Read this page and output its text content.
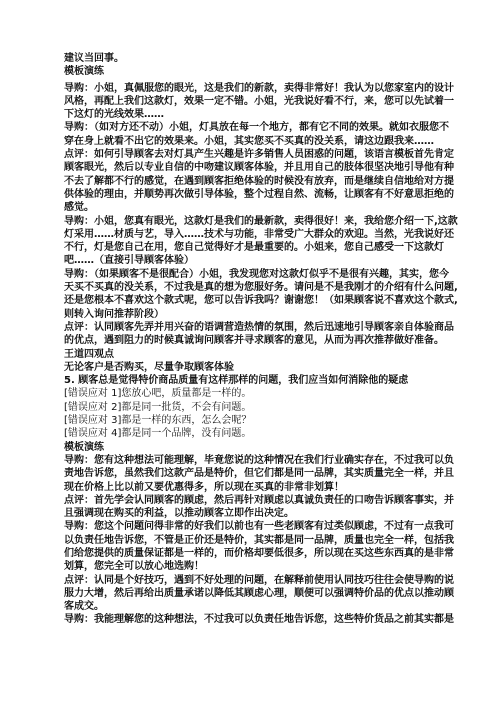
建议当回事。
模板演练
导购：小姐，真佩服您的眼光，这是我们的新款，卖得非常好！我认为以您家室内的设计
风格，再配上我们这款灯，效果一定不错。小姐，光我说好看不行，来，您可以先试着一
下这灯的光线效果……
导购：（如对方还不动）小姐，灯具放在每一个地方，都有它不同的效果。就如衣服您不
穿在身上就看不出它的效果来。小姐，其实您买不买真的没关系，请这边跟我来……
点评：如何引导顾客去对灯具产生兴趣是许多销售人员困惑的问题，该语言模板首先肯定
顾客眼光，然后以专业自信的中吻建议顾客体验，并且用自己的肢体很坚决地引导他有种
不去了解都不行的感觉，在遇到顾客拒绝体验的时候没有放弃，而是继续自信地给对方提
供体验的理由，并顺势再次做引导体验，整个过程自然、流畅，让顾客有不好意思拒绝的
感觉。
导购：小姐，您真有眼光，这款灯是我们的最新款，卖得很好！来，我给您介绍一下,这款
灯采用……材质与艺，导入……技术与功能，非常受广大群众的欢迎。当然，光我说好还
不行，灯是您自己在用，您自己觉得好才是最重要的。小姐来，您自己感受一下这款灯
吧……（直接引导顾客体验）
导购：（如果顾客不是很配合）小姐，我发现您对这款灯似乎不是很有兴趣，其实，您今
天买不买真的没关系，不过我是真的想为您服好务。请问是不是我刚才的介绍有什么问题,
还是您根本不喜欢这个款式呢，您可以告诉我吗？谢谢您！（如果顾客说不喜欢这个款式,
则转入询问推荐阶段）
点评：认同顾客先弄并用兴奋的语调营造热情的氛围，然后迅速地引导顾客亲自体验商品
的优点，遇到阻力的时候真诚询问顾客并寻求顾客的意见，从而为再次推荐做好准备。
王道四观点
无论客户是否购买，尽量争取顾客体验
5. 顾客总是觉得特价商品质量有这样那样的问题，我们应当如何消除他的疑虑
[错误应对 1]您放心吧，质量都是一样的。
[错误应对 2]都是同一批货，不会有问题。
[错误应对 3]都是一样的东西，怎么会呢？
[错误应对 4]都是同一个品牌，没有问题。
模板演练
导购：您有这种想法可能理解，毕竟您说的这种情况在我们行业确实存在，不过我可以负
责地告诉您，虽然我们这款产品是特价，但它们都是同一品牌，其实质量完全一样，并且
现在价格上比以前又要优惠得多，所以现在买真的非常非划算！
点评：首先学会认同顾客的顾虑，然后再针对顾虑以真诚负责任的口吻告诉顾客事实，并
且强调现在购买的利益，以推动顾客立即作出决定。
导购：您这个问题问得非常的好我们以前也有一些老顾客有过类似顾虑，不过有一点我可
以负责任地告诉您，不管是正价还是特价，其实都是同一品牌，质量也完全一样，包括我
们给您提供的质量保证都是一样的，而价格却要低很多，所以现在买这些东西真的是非常
划算，您完全可以放心地选购！
点评：认同是个好技巧，遇到不好处理的问题，在解释前使用认同技巧往往会使导购的说
服力大增，然后再给出质量承诺以降低其顾虑心理，顺便可以强调特价品的优点以推动顾
客成交。
导购：我能理解您的这种想法，不过我可以负责任地告诉您，这些特价货品之前其实都是
